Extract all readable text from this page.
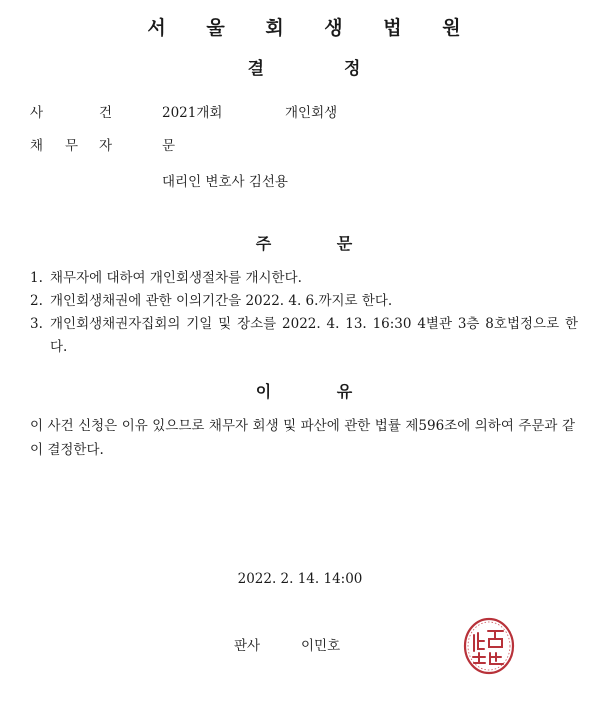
서 울 회 생 법 원
결 정
사	건	2021개회	개인회생
채 무 자	문
대리인 변호사 김선용
주 문
1. 채무자에 대하여 개인회생절차를 개시한다.
2. 개인회생채권에 관한 이의기간을 2022. 4. 6.까지로 한다.
3. 개인회생채권자집회의 기일 및 장소를 2022. 4. 13. 16:30 4별관 3층 8호법정으로 한다.
이 유
이 사건 신청은 이유 있으므로 채무자 회생 및 파산에 관한 법률 제596조에 의하여 주문과 같이 결정한다.
2022. 2. 14. 14:00
판사	이민호
